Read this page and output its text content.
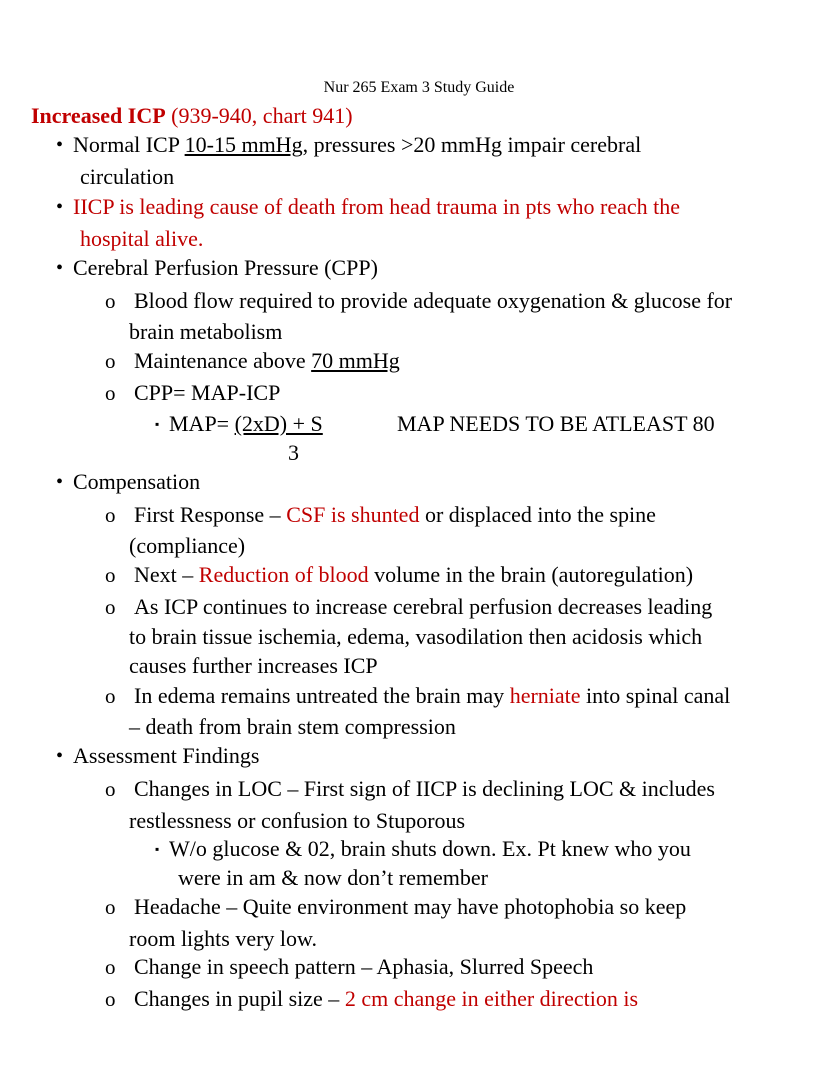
Nur 265 Exam 3 Study Guide
Increased ICP (939-940, chart 941)
• Normal ICP 10-15 mmHg, pressures >20 mmHg impair cerebral
circulation
• IICP is leading cause of death from head trauma in pts who reach the
hospital alive.
• Cerebral Perfusion Pressure (CPP)
o Blood flow required to provide adequate oxygenation & glucose for
brain metabolism
o Maintenance above 70 mmHg
o CPP= MAP-ICP
▪ MAP= (2xD) + S	MAP NEEDS TO BE ATLEAST 80
3
• Compensation
o First Response – CSF is shunted or displaced into the spine
(compliance)
o Next – Reduction of blood volume in the brain (autoregulation)
o As ICP continues to increase cerebral perfusion decreases leading
to brain tissue ischemia, edema, vasodilation then acidosis which
causes further increases ICP
o In edema remains untreated the brain may herniate into spinal canal
– death from brain stem compression
• Assessment Findings
o Changes in LOC – First sign of IICP is declining LOC & includes
restlessness or confusion to Stuporous
▪ W/o glucose & 02, brain shuts down. Ex. Pt knew who you
were in am & now don’t remember
o Headache – Quite environment may have photophobia so keep
room lights very low.
o Change in speech pattern – Aphasia, Slurred Speech
o Changes in pupil size – 2 cm change in either direction is
